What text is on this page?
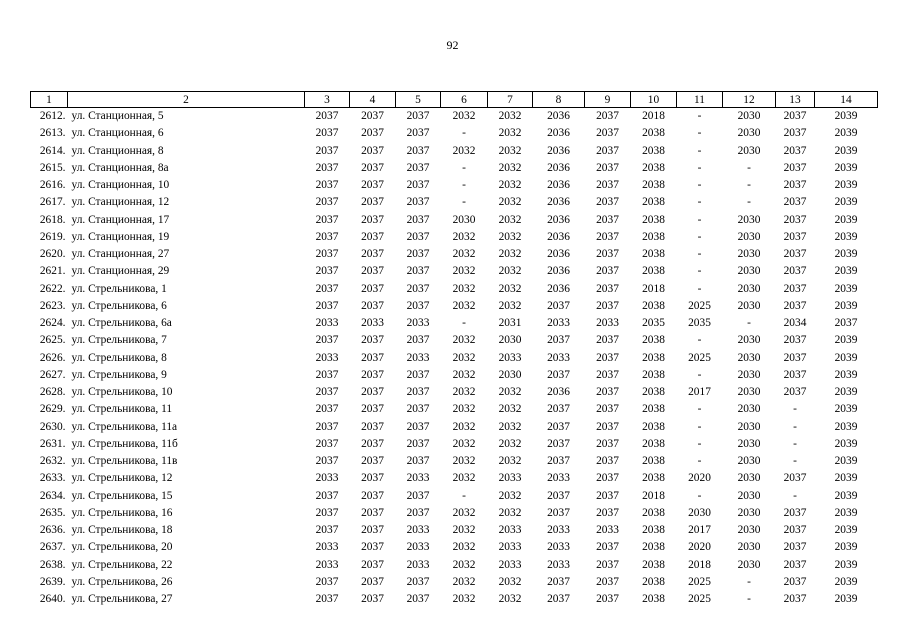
92
1	2	3	4	5	6	7	8	9	10	11	12	13	14
2612.	ул. Станционная, 5	2037	2037	2037	2032	2032	2036	2037	2018	-	2030	2037	2039
2613.	ул. Станционная, 6	2037	2037	2037	-	2032	2036	2037	2038	-	2030	2037	2039
2614.	ул. Станционная, 8	2037	2037	2037	2032	2032	2036	2037	2038	-	2030	2037	2039
2615.	ул. Станционная, 8а	2037	2037	2037	-	2032	2036	2037	2038	-	-	2037	2039
2616.	ул. Станционная, 10	2037	2037	2037	-	2032	2036	2037	2038	-	-	2037	2039
2617.	ул. Станционная, 12	2037	2037	2037	-	2032	2036	2037	2038	-	-	2037	2039
2618.	ул. Станционная, 17	2037	2037	2037	2030	2032	2036	2037	2038	-	2030	2037	2039
2619.	ул. Станционная, 19	2037	2037	2037	2032	2032	2036	2037	2038	-	2030	2037	2039
2620.	ул. Станционная, 27	2037	2037	2037	2032	2032	2036	2037	2038	-	2030	2037	2039
2621.	ул. Станционная, 29	2037	2037	2037	2032	2032	2036	2037	2038	-	2030	2037	2039
2622.	ул. Стрельникова, 1	2037	2037	2037	2032	2032	2036	2037	2018	-	2030	2037	2039
2623.	ул. Стрельникова, 6	2037	2037	2037	2032	2032	2037	2037	2038	2025	2030	2037	2039
2624.	ул. Стрельникова, 6а	2033	2033	2033	-	2031	2033	2033	2035	2035	-	2034	2037
2625.	ул. Стрельникова, 7	2037	2037	2037	2032	2030	2037	2037	2038	-	2030	2037	2039
2626.	ул. Стрельникова, 8	2033	2037	2033	2032	2033	2033	2037	2038	2025	2030	2037	2039
2627.	ул. Стрельникова, 9	2037	2037	2037	2032	2030	2037	2037	2038	-	2030	2037	2039
2628.	ул. Стрельникова, 10	2037	2037	2037	2032	2032	2036	2037	2038	2017	2030	2037	2039
2629.	ул. Стрельникова, 11	2037	2037	2037	2032	2032	2037	2037	2038	-	2030	-	2039
2630.	ул. Стрельникова, 11а	2037	2037	2037	2032	2032	2037	2037	2038	-	2030	-	2039
2631.	ул. Стрельникова, 11б	2037	2037	2037	2032	2032	2037	2037	2038	-	2030	-	2039
2632.	ул. Стрельникова, 11в	2037	2037	2037	2032	2032	2037	2037	2038	-	2030	-	2039
2633.	ул. Стрельникова, 12	2033	2037	2033	2032	2033	2033	2037	2038	2020	2030	2037	2039
2634.	ул. Стрельникова, 15	2037	2037	2037	-	2032	2037	2037	2018	-	2030	-	2039
2635.	ул. Стрельникова, 16	2037	2037	2037	2032	2032	2037	2037	2038	2030	2030	2037	2039
2636.	ул. Стрельникова, 18	2037	2037	2033	2032	2033	2033	2033	2038	2017	2030	2037	2039
2637.	ул. Стрельникова, 20	2033	2037	2033	2032	2033	2033	2037	2038	2020	2030	2037	2039
2638.	ул. Стрельникова, 22	2033	2037	2033	2032	2033	2033	2037	2038	2018	2030	2037	2039
2639.	ул. Стрельникова, 26	2037	2037	2037	2032	2032	2037	2037	2038	2025	-	2037	2039
2640.	ул. Стрельникова, 27	2037	2037	2037	2032	2032	2037	2037	2038	2025	-	2037	2039
